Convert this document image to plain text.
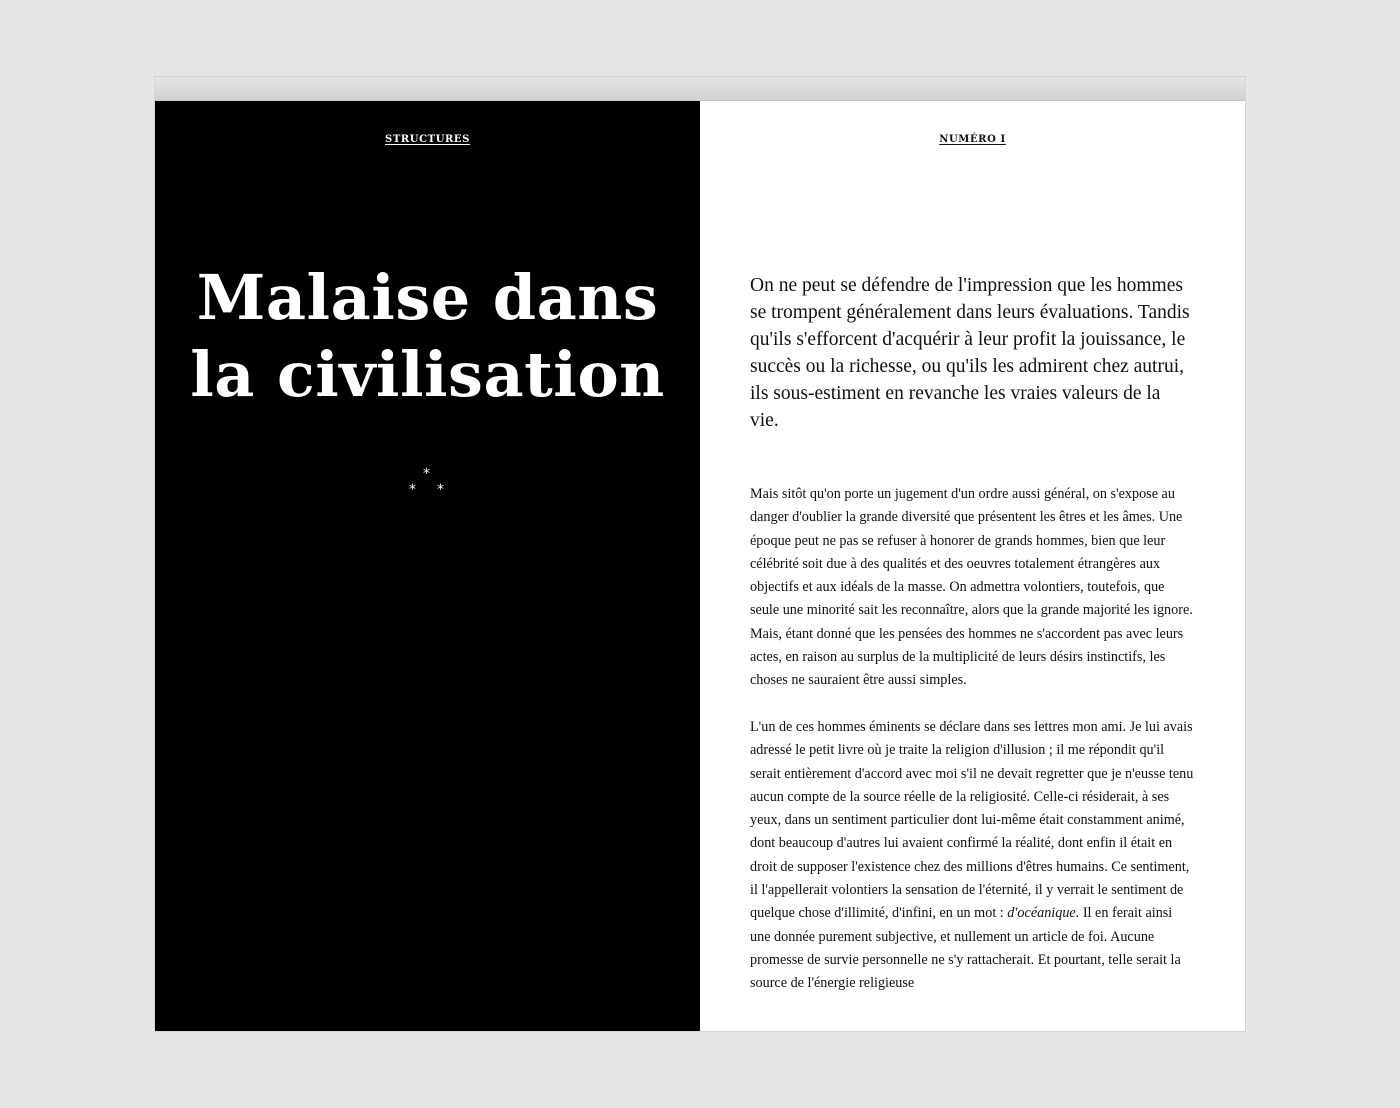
STRUCTURES
Malaise dans
la civilisation
*
* *
NUMÉRO I

On ne peut se défendre de l'impression que les hommes se trompent généralement dans leurs évaluations. Tandis qu'ils s'efforcent d'acquérir à leur profit la jouissance, le succès ou la richesse, ou qu'ils les admirent chez autrui, ils sous-estiment en revanche les vraies valeurs de la vie.

Mais sitôt qu'on porte un jugement d'un ordre aussi général, on s'expose au danger d'oublier la grande diversité que présentent les êtres et les âmes. Une époque peut ne pas se refuser à honorer de grands hommes, bien que leur célébrité soit due à des qualités et des oeuvres totalement étrangères aux objectifs et aux idéals de la masse. On admettra volontiers, toutefois, que seule une minorité sait les reconnaître, alors que la grande majorité les ignore. Mais, étant donné que les pensées des hommes ne s'accordent pas avec leurs actes, en raison au surplus de la multiplicité de leurs désirs instinctifs, les choses ne sauraient être aussi simples.

L'un de ces hommes éminents se déclare dans ses lettres mon ami. Je lui avais adressé le petit livre où je traite la religion d'illusion ; il me répondit qu'il serait entièrement d'accord avec moi s'il ne devait regretter que je n'eusse tenu aucun compte de la source réelle de la religiosité. Celle-ci résiderait, à ses yeux, dans un sentiment particulier dont lui-même était constamment animé, dont beaucoup d'autres lui avaient confirmé la réalité, dont enfin il était en droit de supposer l'existence chez des millions d'êtres humains. Ce sentiment, il l'appellerait volontiers la sensation de l'éternité, il y verrait le sentiment de quelque chose d'illimité, d'infini, en un mot : d'océanique. Il en ferait ainsi une donnée purement subjective, et nullement un article de foi. Aucune promesse de survie personnelle ne s'y rattacherait. Et pourtant, telle serait la source de l'énergie religieuse
